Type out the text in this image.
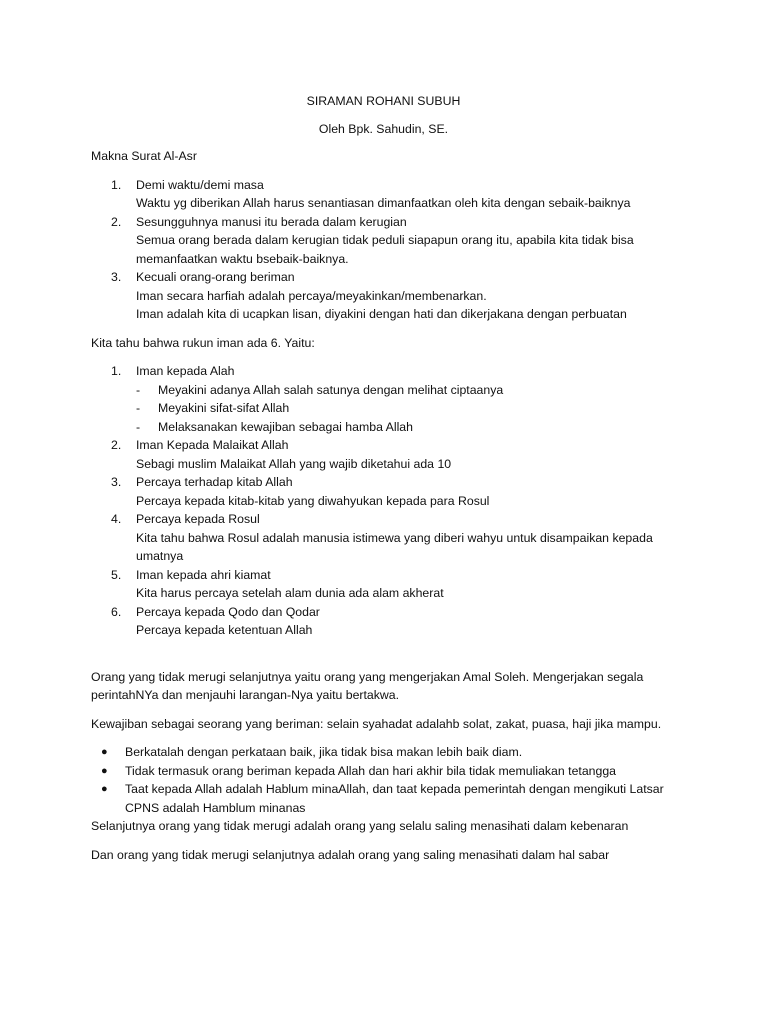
SIRAMAN ROHANI SUBUH

Oleh Bpk. Sahudin, SE.

Makna Surat Al-Asr

1. Demi waktu/demi masa
Waktu yg diberikan Allah harus senantiasan dimanfaatkan oleh kita dengan sebaik-baiknya
2. Sesungguhnya manusi itu berada dalam kerugian
Semua orang berada dalam kerugian tidak peduli siapapun orang itu, apabila kita tidak bisa memanfaatkan waktu bsebaik-baiknya.
3. Kecuali orang-orang beriman
Iman secara harfiah adalah percaya/meyakinkan/membenarkan.
Iman adalah kita di ucapkan lisan, diyakini dengan hati dan dikerjakana dengan perbuatan

Kita tahu bahwa rukun iman ada 6. Yaitu:

1. Iman kepada Alah
- Meyakini adanya Allah salah satunya dengan melihat ciptaanya
- Meyakini sifat-sifat Allah
- Melaksanakan kewajiban sebagai hamba Allah
2. Iman Kepada Malaikat Allah
Sebagi muslim Malaikat Allah yang wajib diketahui ada 10
3. Percaya terhadap kitab Allah
Percaya kepada kitab-kitab yang diwahyukan kepada para Rosul
4. Percaya kepada Rosul
Kita tahu bahwa Rosul adalah manusia istimewa yang diberi wahyu untuk disampaikan kepada umatnya
5. Iman kepada ahri kiamat
Kita harus percaya setelah alam dunia ada alam akherat
6. Percaya kepada Qodo dan Qodar
Percaya kepada ketentuan Allah

Orang yang tidak merugi selanjutnya yaitu orang yang mengerjakan Amal Soleh. Mengerjakan segala perintahNYa dan menjauhi larangan-Nya yaitu bertakwa.

Kewajiban sebagai seorang yang beriman: selain syahadat adalahb solat, zakat, puasa, haji jika mampu.

● Berkatalah dengan perkataan baik, jika tidak bisa makan lebih baik diam.
● Tidak termasuk orang beriman kepada Allah dan hari akhir bila tidak memuliakan tetangga
● Taat kepada Allah adalah Hablum minaAllah, dan taat kepada pemerintah dengan mengikuti Latsar CPNS adalah Hamblum minanas

Selanjutnya orang yang tidak merugi adalah orang yang selalu saling menasihati dalam kebenaran

Dan orang yang tidak merugi selanjutnya adalah orang yang saling menasihati dalam hal sabar
